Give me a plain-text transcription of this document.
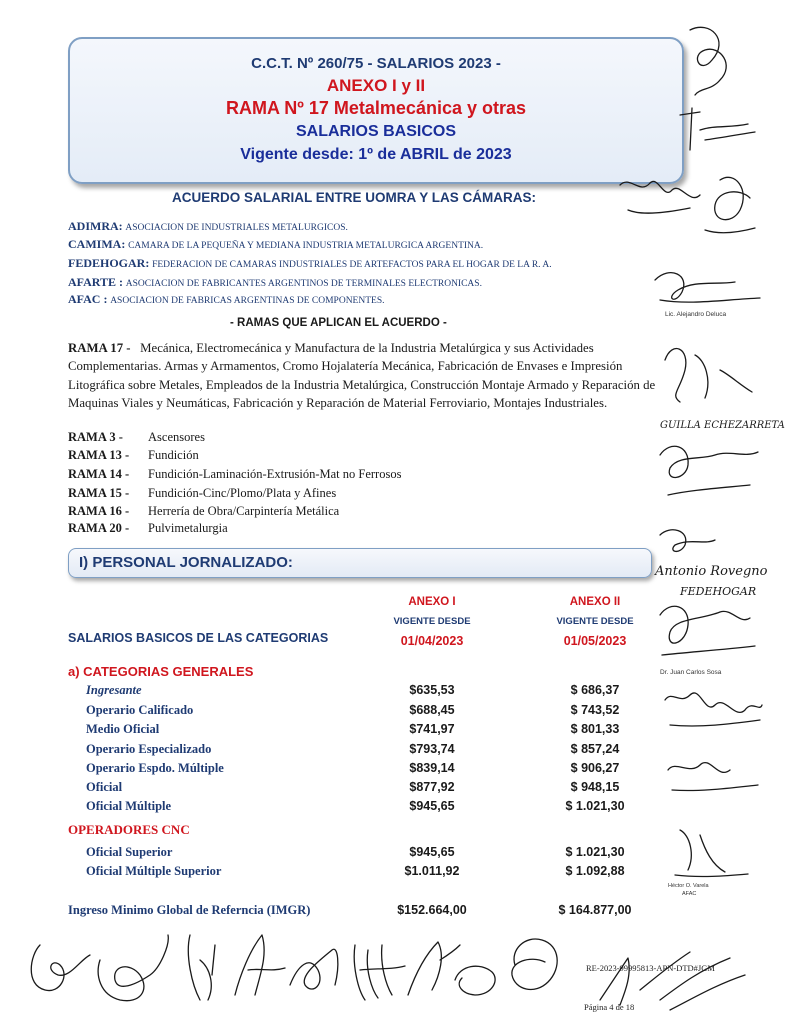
C.C.T. Nº 260/75 - SALARIOS 2023 -
ANEXO I y II
RAMA Nº 17 Metalmecánica y otras
SALARIOS BASICOS
Vigente desde: 1º de ABRIL de 2023
ACUERDO SALARIAL ENTRE UOMRA Y LAS CÁMARAS:
ADIMRA: ASOCIACION DE INDUSTRIALES METALURGICOS.
CAMIMA: CAMARA DE LA PEQUEÑA Y MEDIANA INDUSTRIA METALURGICA ARGENTINA.
FEDEHOGAR: FEDERACION DE CAMARAS INDUSTRIALES DE ARTEFACTOS PARA EL HOGAR DE LA R. A.
AFARTE : ASOCIACION DE FABRICANTES ARGENTINOS DE TERMINALES ELECTRONICAS.
AFAC : ASOCIACION DE FABRICAS ARGENTINAS DE COMPONENTES.
- RAMAS QUE APLICAN EL ACUERDO -
RAMA 17 - Mecánica, Electromecánica y Manufactura de la Industria Metalúrgica y sus Actividades Complementarias. Armas y Armamentos, Cromo Hojalatería Mecánica, Fabricación de Envases e Impresión Litográfica sobre Metales, Empleados de la Industria Metalúrgica, Construcción Montaje Armado y Reparación de Maquinas Viales y Neumáticas, Fabricación y Reparación de Material Ferroviario, Montajes Industriales.
RAMA 3 - Ascensores
RAMA 13 - Fundición
RAMA 14 - Fundición-Laminación-Extrusión-Mat no Ferrosos
RAMA 15 - Fundición-Cinc/Plomo/Plata y Afines
RAMA 16 - Herrería de Obra/Carpintería Metálica
RAMA 20 - Pulvimetalurgia
I) PERSONAL JORNALIZADO:
ANEXO I	ANEXO II
VIGENTE DESDE	VIGENTE DESDE
01/04/2023	01/05/2023
SALARIOS BASICOS DE LAS CATEGORIAS
a) CATEGORIAS GENERALES
Ingresante	$635,53	$ 686,37
Operario Calificado	$688,45	$ 743,52
Medio Oficial	$741,97	$ 801,33
Operario Especializado	$793,74	$ 857,24
Operario Espdo. Múltiple	$839,14	$ 906,27
Oficial	$877,92	$ 948,15
Oficial Múltiple	$945,65	$ 1.021,30
OPERADORES CNC
Oficial Superior	$945,65	$ 1.021,30
Oficial Múltiple Superior	$1.011,92	$ 1.092,88
Ingreso Minimo Global de Referncia (IMGR)	$152.664,00	$ 164.877,00
RE-2023-99995813-APN-DTD#JGM
Página 4 de 18
Lic. Alejandro Deluca
GUILLA ECHEZARRETA
Antonio Rovegno
FEDEHOGAR
Dr. Juan Carlos Sosa
Héctor O. Varela
AFAC
